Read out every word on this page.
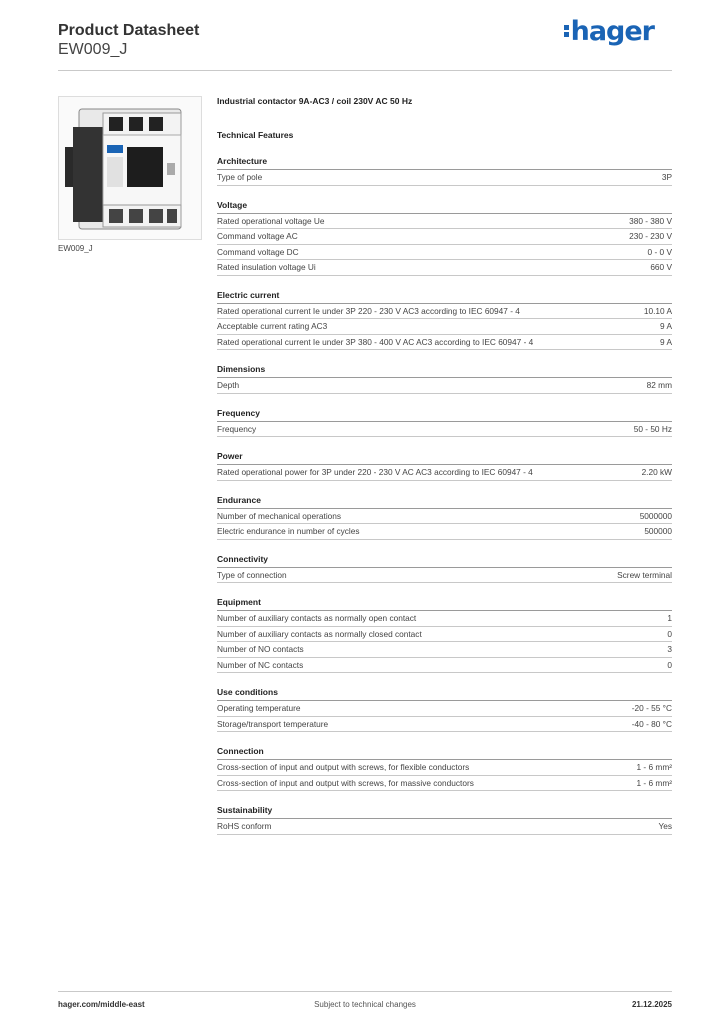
Product Datasheet
EW009_J
hager
EW009_J
Industrial contactor 9A-AC3 / coil 230V AC 50 Hz
Technical Features
Architecture
Type of pole	3P
Voltage
Rated operational voltage Ue	380 - 380 V
Command voltage AC	230 - 230 V
Command voltage DC	0 - 0 V
Rated insulation voltage Ui	660 V
Electric current
Rated operational current Ie under 3P 220 - 230 V AC3 according to IEC 60947 - 4	10.10 A
Acceptable current rating AC3	9 A
Rated operational current Ie under 3P 380 - 400 V AC AC3 according to IEC 60947 - 4	9 A
Dimensions
Depth	82 mm
Frequency
Frequency	50 - 50 Hz
Power
Rated operational power for 3P under 220 - 230 V AC AC3 according to IEC 60947 - 4	2.20 kW
Endurance
Number of mechanical operations	5000000
Electric endurance in number of cycles	500000
Connectivity
Type of connection	Screw terminal
Equipment
Number of auxiliary contacts as normally open contact	1
Number of auxiliary contacts as normally closed contact	0
Number of NO contacts	3
Number of NC contacts	0
Use conditions
Operating temperature	-20 - 55 °C
Storage/transport temperature	-40 - 80 °C
Connection
Cross-section of input and output with screws, for flexible conductors	1 - 6 mm²
Cross-section of input and output with screws, for massive conductors	1 - 6 mm²
Sustainability
RoHS conform	Yes
hager.com/middle-east	Subject to technical changes	21.12.2025
